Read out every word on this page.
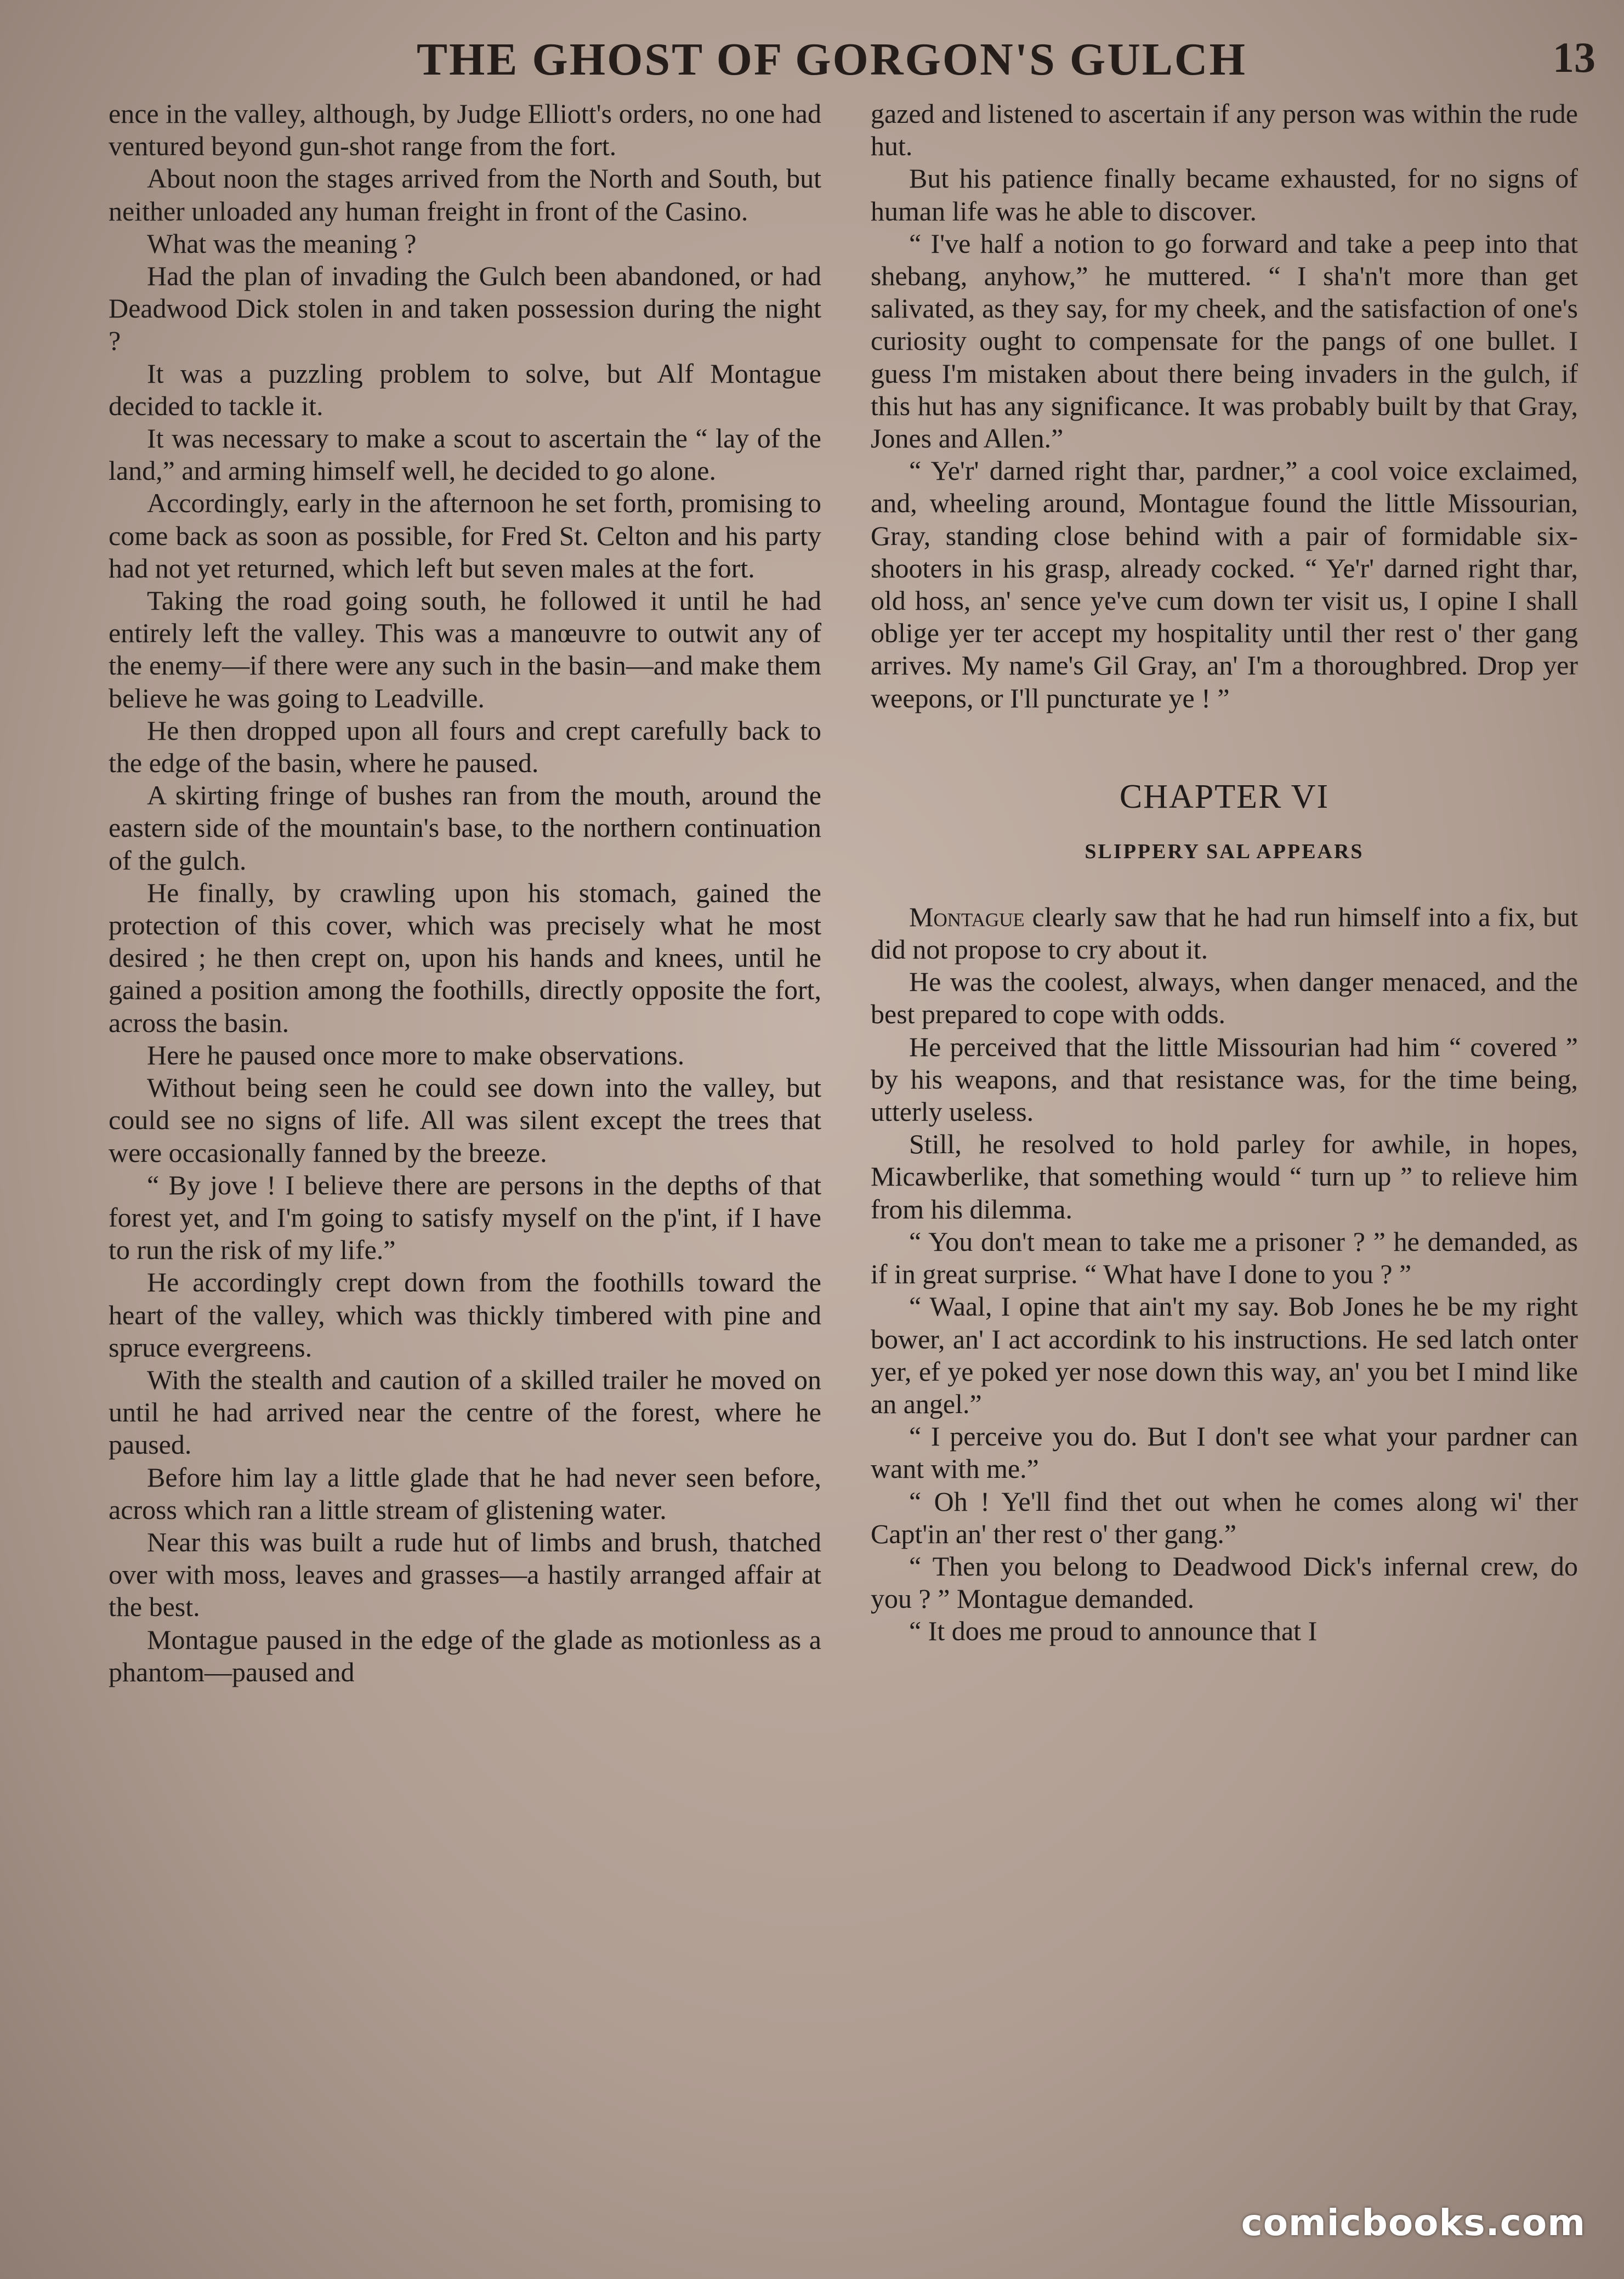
THE GHOST OF GORGON'S GULCH	13

ence in the valley, although, by Judge Elliott's orders, no one had ventured beyond gun-shot range from the fort.

About noon the stages arrived from the North and South, but neither unloaded any human freight in front of the Casino.

What was the meaning ?

Had the plan of invading the Gulch been abandoned, or had Deadwood Dick stolen in and taken possession during the night ?

It was a puzzling problem to solve, but Alf Montague decided to tackle it.

It was necessary to make a scout to ascertain the “ lay of the land,” and arming himself well, he decided to go alone.

Accordingly, early in the afternoon he set forth, promising to come back as soon as possible, for Fred St. Celton and his party had not yet returned, which left but seven males at the fort.

Taking the road going south, he followed it until he had entirely left the valley. This was a manœuvre to outwit any of the enemy—if there were any such in the basin—and make them believe he was going to Leadville.

He then dropped upon all fours and crept carefully back to the edge of the basin, where he paused.

A skirting fringe of bushes ran from the mouth, around the eastern side of the mountain's base, to the northern continuation of the gulch.

He finally, by crawling upon his stomach, gained the protection of this cover, which was precisely what he most desired ; he then crept on, upon his hands and knees, until he gained a position among the foothills, directly opposite the fort, across the basin.

Here he paused once more to make observations.

Without being seen he could see down into the valley, but could see no signs of life. All was silent except the trees that were occasionally fanned by the breeze.

“ By jove ! I believe there are persons in the depths of that forest yet, and I'm going to satisfy myself on the p'int, if I have to run the risk of my life.”

He accordingly crept down from the foothills toward the heart of the valley, which was thickly timbered with pine and spruce evergreens.

With the stealth and caution of a skilled trailer he moved on until he had arrived near the centre of the forest, where he paused.

Before him lay a little glade that he had never seen before, across which ran a little stream of glistening water.

Near this was built a rude hut of limbs and brush, thatched over with moss, leaves and grasses—a hastily arranged affair at the best.

Montague paused in the edge of the glade as motionless as a phantom—paused and

gazed and listened to ascertain if any person was within the rude hut.

But his patience finally became exhausted, for no signs of human life was he able to discover.

“ I've half a notion to go forward and take a peep into that shebang, anyhow,” he muttered. “ I sha'n't more than get salivated, as they say, for my cheek, and the satisfaction of one's curiosity ought to compensate for the pangs of one bullet. I guess I'm mistaken about there being invaders in the gulch, if this hut has any significance. It was probably built by that Gray, Jones and Allen.”

“ Ye'r' darned right thar, pardner,” a cool voice exclaimed, and, wheeling around, Montague found the little Missourian, Gray, standing close behind with a pair of formidable six-shooters in his grasp, already cocked. “ Ye'r' darned right thar, old hoss, an' sence ye've cum down ter visit us, I opine I shall oblige yer ter accept my hospitality until ther rest o' ther gang arrives. My name's Gil Gray, an' I'm a thoroughbred. Drop yer weepons, or I'll puncturate ye ! ”

CHAPTER VI

SLIPPERY SAL APPEARS

Montague clearly saw that he had run himself into a fix, but did not propose to cry about it.

He was the coolest, always, when danger menaced, and the best prepared to cope with odds.

He perceived that the little Missourian had him “ covered ” by his weapons, and that resistance was, for the time being, utterly useless.

Still, he resolved to hold parley for awhile, in hopes, Micawberlike, that something would “ turn up ” to relieve him from his dilemma.

“ You don't mean to take me a prisoner ? ” he demanded, as if in great surprise. “ What have I done to you ? ”

“ Waal, I opine that ain't my say. Bob Jones he be my right bower, an' I act accordink to his instructions. He sed latch onter yer, ef ye poked yer nose down this way, an' you bet I mind like an angel.”

“ I perceive you do. But I don't see what your pardner can want with me.”

“ Oh ! Ye'll find thet out when he comes along wi' ther Capt'in an' ther rest o' ther gang.”

“ Then you belong to Deadwood Dick's infernal crew, do you ? ” Montague demanded.

“ It does me proud to announce that I

comicbooks.com
